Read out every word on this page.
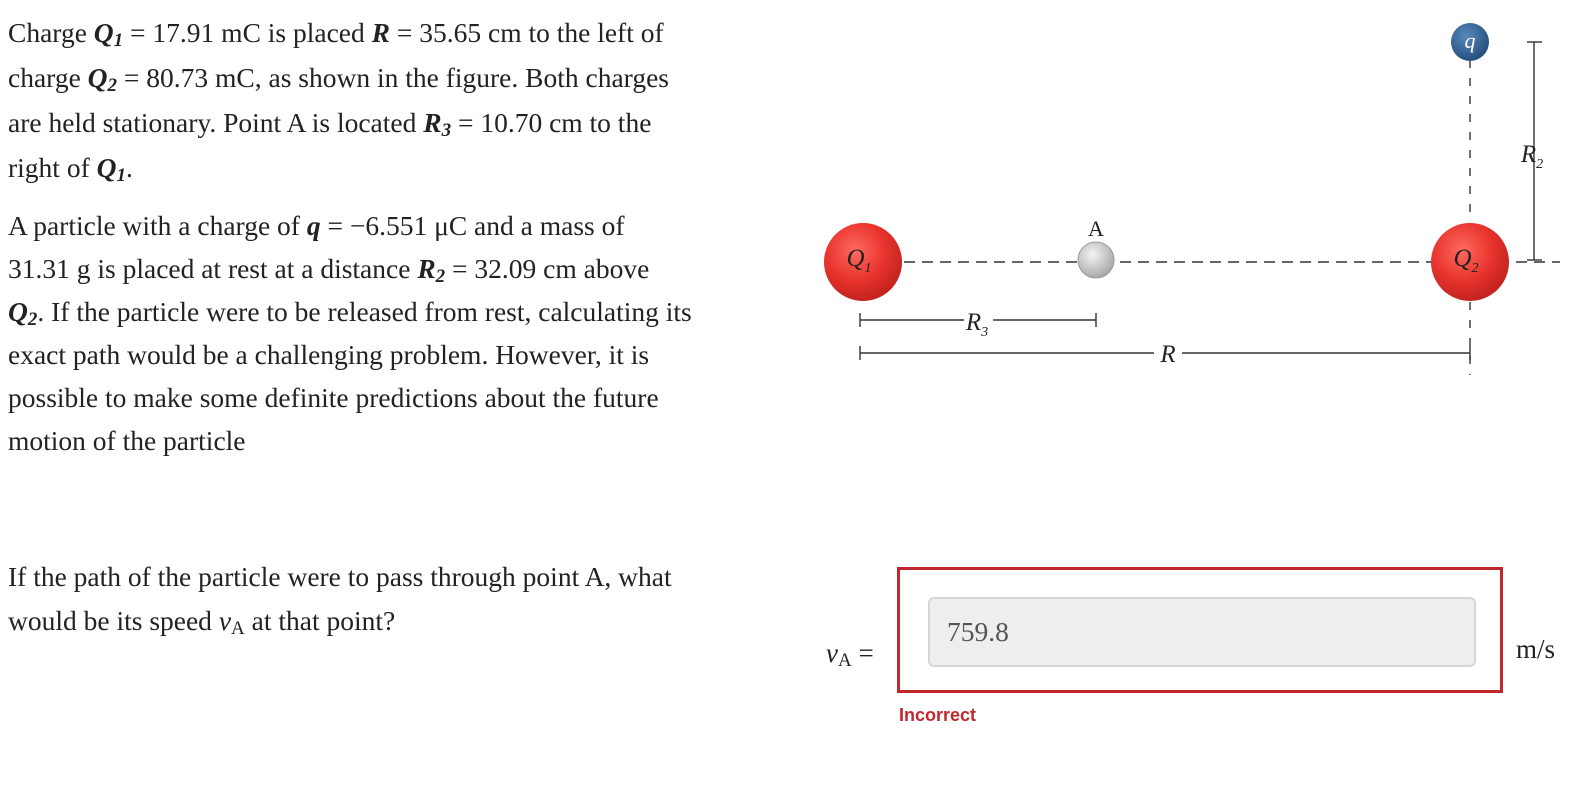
Charge $Q_1 = 17.91$ mC is placed R = 35.65 cm to the left of
charge $Q_2 = 80.73$ mC, as shown in the figure. Both charges
are held stationary. Point A is located $R_3 = 10.70$ cm to the
right of $Q_1$.

A particle with a charge of q = −6.551 μC and a mass of
31.31 g is placed at rest at a distance $R_2 = 32.09$ cm above
$Q_2$. If the particle were to be released from rest, calculating its
exact path would be a challenging problem. However, it is
possible to make some definite predictions about the future
motion of the particle

$Q_1$	$Q_2$
A
q
$R_3$
R
$R_2$

If the path of the particle were to pass through point A, what
would be its speed $v_A$ at that point?

$v_A$ =
759.8
m/s
Incorrect
